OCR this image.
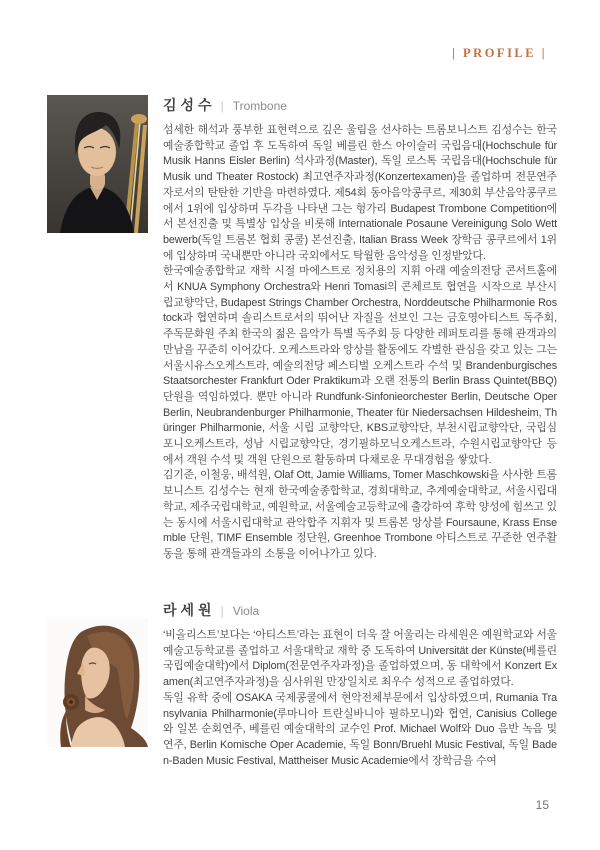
| PROFILE |
김성수 | Trombone

섬세한 해석과 풍부한 표현력으로 깊은 울림을 선사하는 트롬보니스트 김성수는 한국예술종합학교 졸업 후 도독하여 독일 베를린 한스 아이슬러 국립음대(Hochschule für Musik Hanns Eisler Berlin) 석사과정(Master), 독일 로스톡 국립음대(Hochschule für Musik und Theater Rostock) 최고연주자과정(Konzertexamen)을 졸업하며 전문연주자로서의 탄탄한 기반을 마련하였다. 제54회 동아음악콩쿠르, 제30회 부산음악콩쿠르에서 1위에 입상하며 두각을 나타낸 그는 헝가리 Budapest Trombone Competition에서 본선진출 및 특별상 입상을 비롯해 Internationale Posaune Vereinigung Solo Wettbewerb(독일 트롬본 협회 콩쿨) 본선진출, Italian Brass Week 장학금 콩쿠르에서 1위에 입상하며 국내뿐만 아니라 국외에서도 탁월한 음악성을 인정받았다.

한국예술종합학교 재학 시절 마에스트로 정치용의 지휘 아래 예술의전당 콘서트홀에서 KNUA Symphony Orchestra와 Henri Tomasi의 콘체르토 협연을 시작으로 부산시립교향악단, Budapest Strings Chamber Orchestra, Norddeutsche Philharmonie Rostock과 협연하며 솔리스트로서의 뛰어난 자질을 선보인 그는 금호영아티스트 독주회, 주독문화원 주최 한국의 젊은 음악가 특별 독주회 등 다양한 레퍼토리를 통해 관객과의 만남을 꾸준히 이어갔다. 오케스트라와 앙상블 활동에도 각별한 관심을 갖고 있는 그는 서울시유스오케스트라, 예술의전당 페스티벌 오케스트라 수석 및 Brandenburgisches Staatsorchester Frankfurt Oder Praktikum과 오랜 전통의 Berlin Brass Quintet(BBQ)단원을 역임하였다. 뿐만 아니라 Rundfunk-Sinfonieorchester Berlin, Deutsche Oper Berlin, Neubrandenburger Philharmonie, Theater für Niedersachsen Hildesheim, Thüringer Philharmonie, 서울 시립 교향악단, KBS교향악단, 부천시립교향악단, 국립심포니오케스트라, 성남 시립교향악단, 경기필하모닉오케스트라, 수원시립교향악단 등에서 객원 수석 및 객원 단원으로 활동하며 다채로운 무대경험을 쌓았다.

김기준, 이철웅, 배석원, Olaf Ott, Jamie Williams, Tomer Maschkowski을 사사한 트롬보니스트 김성수는 현재 한국예술종합학교, 경희대학교, 추계예술대학교, 서울시립대학교, 제주국립대학교, 예원학교, 서울예술고등학교에 출강하여 후학 양성에 힘쓰고 있는 동시에 서울시립대학교 관악합주 지휘자 및 트롬본 앙상블 Foursaune, Krass Ensemble 단원, TIMF Ensemble 정단원, Greenhoe Trombone 아티스트로 꾸준한 연주활동을 통해 관객들과의 소통을 이어나가고 있다.

라세원 | Viola

‘비올리스트’보다는 ‘아티스트’라는 표현이 더욱 잘 어울리는 라세원은 예원학교와 서울예술고등학교를 졸업하고 서울대학교 재학 중 도독하여 Universität der Künste(베를린 국립예술대학)에서 Diplom(전문연주자과정)을 졸업하였으며, 동 대학에서 Konzert Examen(최고연주자과정)을 심사위원 만장일치로 최우수 성적으로 졸업하였다.

독일 유학 중에 OSAKA 국제콩쿨에서 현악전체부문에서 입상하였으며, Rumania Transylvania Philharmonie(루마니아 트란실바니아 필하모니)와 협연, Canisius College와 일본 순회연주, 베를린 예술대학의 교수인 Prof. Michael Wolf와 Duo 음반 녹음 및 연주, Berlin Komische Oper Academie, 독일 Bonn/Bruehl Music Festival, 독일 Baden-Baden Music Festival, Mattheiser Music Academie에서 장학금을 수여

15
